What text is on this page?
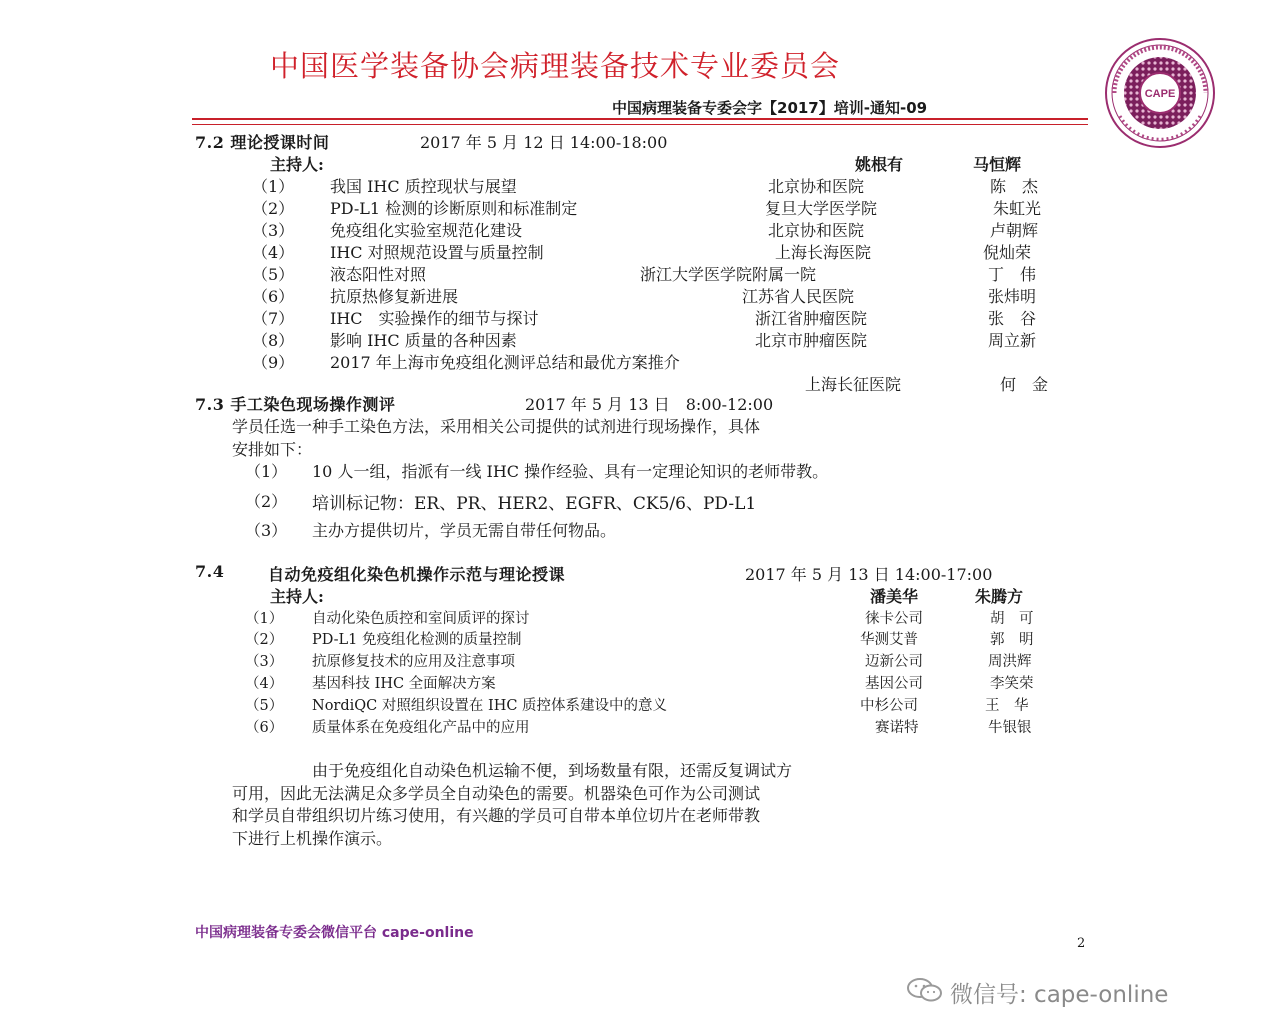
中国医学装备协会病理装备技术专业委员会
中国病理装备专委会字【2017】培训-通知-09
CAPE
7.2 理论授课时间	2017 年 5 月 12 日 14:00-18:00
主持人:	姚根有	马恒辉
（1） 我国 IHC 质控现状与展望	北京协和医院	陈　杰
（2） PD-L1 检测的诊断原则和标准制定	复旦大学医学院	朱虹光
（3） 免疫组化实验室规范化建设	北京协和医院	卢朝辉
（4） IHC 对照规范设置与质量控制	上海长海医院	倪灿荣
（5） 液态阳性对照	浙江大学医学院附属一院	丁　伟
（6） 抗原热修复新进展	江苏省人民医院	张炜明
（7） IHC　实验操作的细节与探讨	浙江省肿瘤医院	张　谷
（8） 影响 IHC 质量的各种因素	北京市肿瘤医院	周立新
（9） 2017 年上海市免疫组化测评总结和最优方案推介
上海长征医院	何　金
7.3 手工染色现场操作测评	2017 年 5 月 13 日　8:00-12:00
学员任选一种手工染色方法，采用相关公司提供的试剂进行现场操作，具体
安排如下：
（1） 10 人一组，指派有一线 IHC 操作经验、具有一定理论知识的老师带教。
（2） 培训标记物：ER、PR、HER2、EGFR、CK5/6、PD-L1
（3） 主办方提供切片，学员无需自带任何物品。
7.4	自动免疫组化染色机操作示范与理论授课	2017 年 5 月 13 日 14:00-17:00
主持人:	潘美华	朱腾方
（1） 自动化染色质控和室间质评的探讨	徕卡公司	胡　可
（2） PD-L1 免疫组化检测的质量控制	华测艾普	郭　明
（3） 抗原修复技术的应用及注意事项	迈新公司	周洪辉
（4） 基因科技 IHC 全面解决方案	基因公司	李笑荣
（5） NordiQC 对照组织设置在 IHC 质控体系建设中的意义	中杉公司	王　华
（6） 质量体系在免疫组化产品中的应用	赛诺特	牛银银
由于免疫组化自动染色机运输不便，到场数量有限，还需反复调试方
可用，因此无法满足众多学员全自动染色的需要。机器染色可作为公司测试
和学员自带组织切片练习使用，有兴趣的学员可自带本单位切片在老师带教
下进行上机操作演示。
中国病理装备专委会微信平台 cape-online
2
微信号: cape-online
